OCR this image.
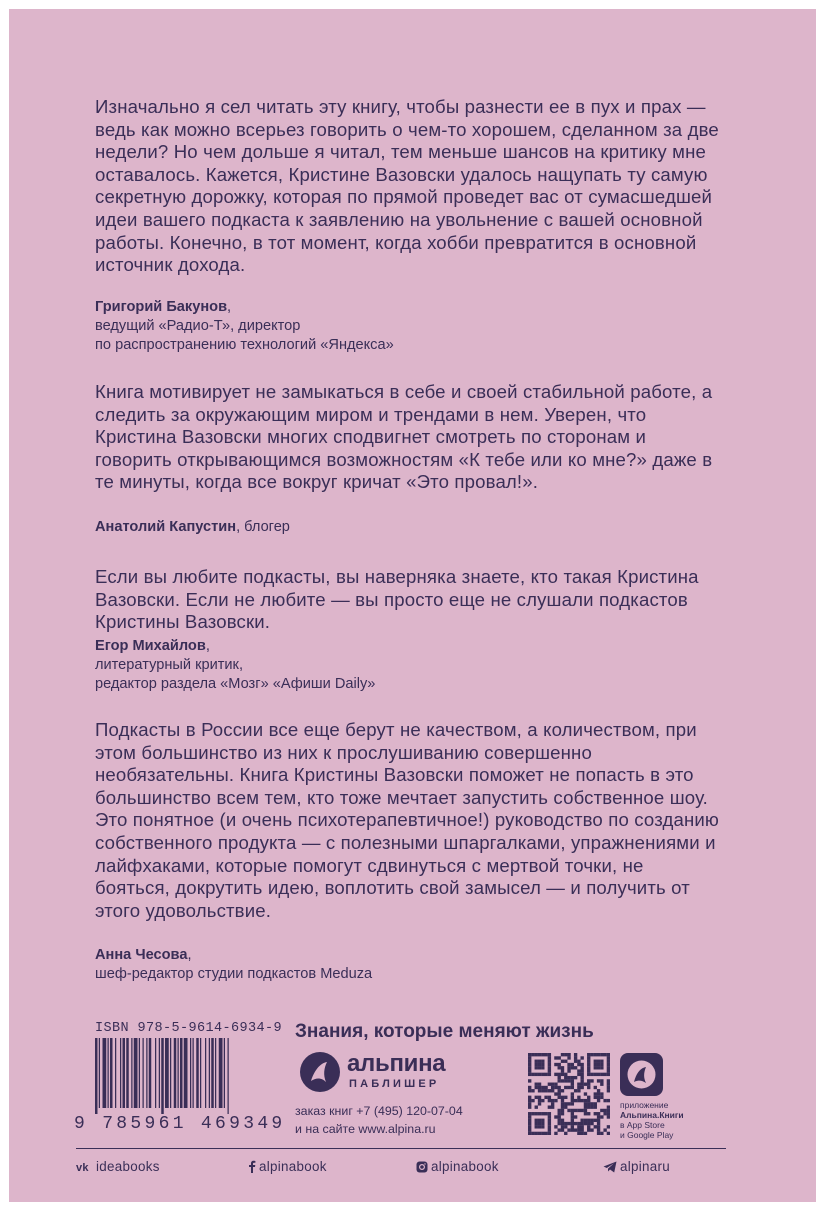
Изначально я сел читать эту книгу, чтобы разнести ее в пух и прах — ведь как можно всерьез говорить о чем-то хорошем, сделанном за две недели? Но чем дольше я читал, тем меньше шансов на критику мне оставалось. Кажется, Кристине Вазовски удалось нащупать ту самую секретную дорожку, которая по прямой проведет вас от сумасшедшей идеи вашего подкаста к заявлению на увольнение с вашей основной работы. Конечно, в тот момент, когда хобби превратится в основной источник дохода.

Григорий Бакунов,
ведущий «Радио-Т», директор
по распространению технологий «Яндекса»

Книга мотивирует не замыкаться в себе и своей стабильной работе, а следить за окружающим миром и трендами в нем. Уверен, что Кристина Вазовски многих сподвигнет смотреть по сторонам и говорить открывающимся возможностям «К тебе или ко мне?» даже в те минуты, когда все вокруг кричат «Это провал!».

Анатолий Капустин, блогер

Если вы любите подкасты, вы наверняка знаете, кто такая Кристина Вазовски. Если не любите — вы просто еще не слушали подкастов Кристины Вазовски.

Егор Михайлов,
литературный критик,
редактор раздела «Мозг» «Афиши Daily»

Подкасты в России все еще берут не качеством, а количеством, при этом большинство из них к прослушиванию совершенно необязательны. Книга Кристины Вазовски поможет не попасть в это большинство всем тем, кто тоже мечтает запустить собственное шоу. Это понятное (и очень психотерапевтичное!) руководство по созданию собственного продукта — с полезными шпаргалками, упражнениями и лайфхаками, которые помогут сдвинуться с мертвой точки, не бояться, докрутить идею, воплотить свой замысел — и получить от этого удовольствие.

Анна Чесова,
шеф-редактор студии подкастов Meduza
ISBN 978-5-9614-6934-9
9 785961 469349
Знания, которые меняют жизнь
альпина
ПАБЛИШЕР
заказ книг +7 (495) 120-07-04
и на сайте www.alpina.ru
приложение
Альпина.Книги
в App Store
и Google Play
vk ideabooks	alpinabook	alpinabook	alpinaru
